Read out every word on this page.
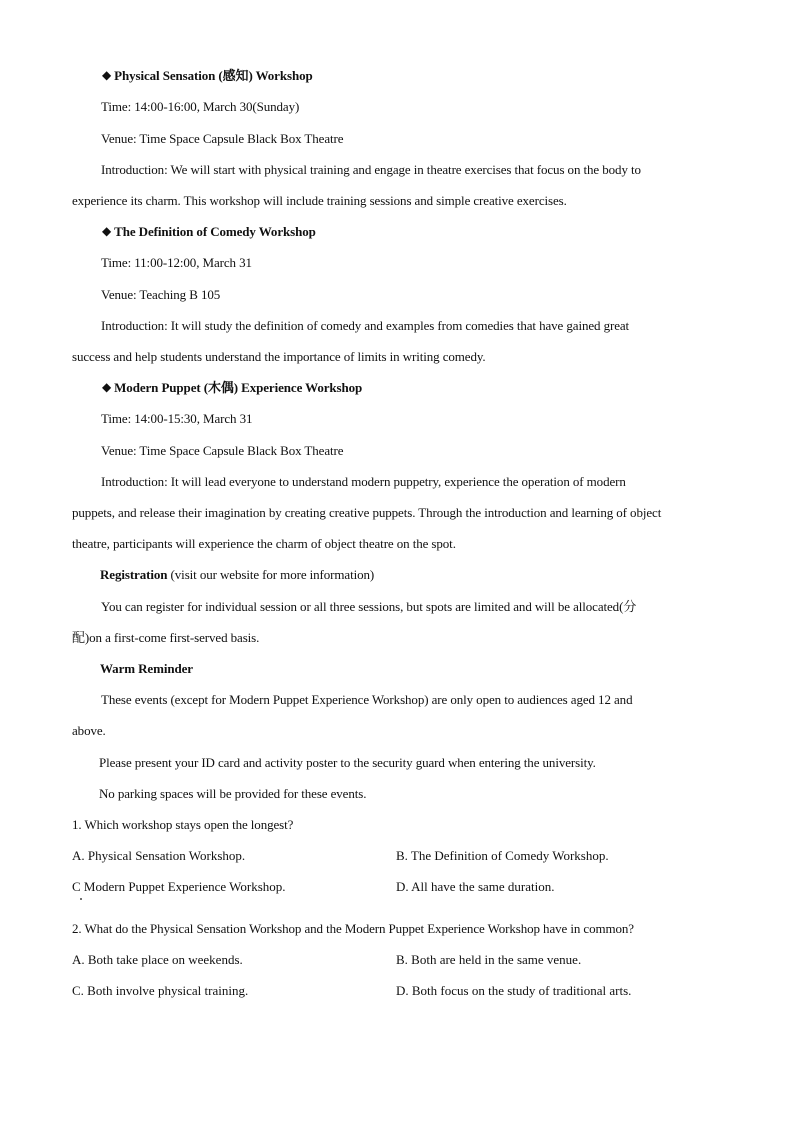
◆ Physical Sensation (感知) Workshop
Time: 14:00-16:00, March 30(Sunday)
Venue: Time Space Capsule Black Box Theatre
Introduction: We will start with physical training and engage in theatre exercises that focus on the body to
experience its charm. This workshop will include training sessions and simple creative exercises.
◆ The Definition of Comedy Workshop
Time: 11:00-12:00, March 31
Venue: Teaching B 105
Introduction: It will study the definition of comedy and examples from comedies that have gained great
success and help students understand the importance of limits in writing comedy.
◆ Modern Puppet (木偶) Experience Workshop
Time: 14:00-15:30, March 31
Venue: Time Space Capsule Black Box Theatre
Introduction: It will lead everyone to understand modern puppetry, experience the operation of modern
puppets, and release their imagination by creating creative puppets. Through the introduction and learning of object
theatre, participants will experience the charm of object theatre on the spot.
Registration (visit our website for more information)
You can register for individual session or all three sessions, but spots are limited and will be allocated(分
配)on a first-come first-served basis.
Warm Reminder
These events (except for Modern Puppet Experience Workshop) are only open to audiences aged 12 and
above.
Please present your ID card and activity poster to the security guard when entering the university.
No parking spaces will be provided for these events.
1. Which workshop stays open the longest?
A. Physical Sensation Workshop.	B. The Definition of Comedy Workshop.
C Modern Puppet Experience Workshop.	D. All have the same duration.
2. What do the Physical Sensation Workshop and the Modern Puppet Experience Workshop have in common?
A. Both take place on weekends.	B. Both are held in the same venue.
C. Both involve physical training.	D. Both focus on the study of traditional arts.
